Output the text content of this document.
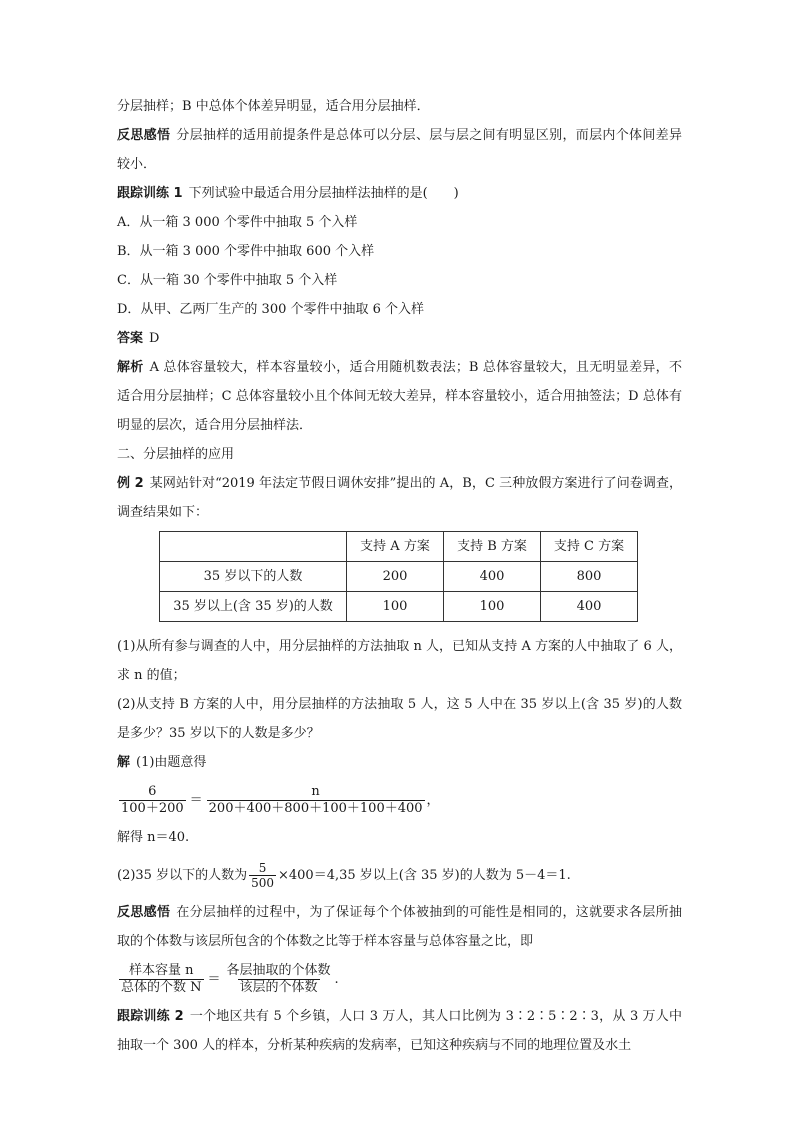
分层抽样；B 中总体个体差异明显，适合用分层抽样．
反思感悟 分层抽样的适用前提条件是总体可以分层、层与层之间有明显区别，而层内个体间差异较小．
跟踪训练 1 下列试验中最适合用分层抽样法抽样的是(　　)
A．从一箱 3 000 个零件中抽取 5 个入样
B．从一箱 3 000 个零件中抽取 600 个入样
C．从一箱 30 个零件中抽取 5 个入样
D．从甲、乙两厂生产的 300 个零件中抽取 6 个入样
答案 D
解析 A 总体容量较大，样本容量较小，适合用随机数表法；B 总体容量较大，且无明显差异，不适合用分层抽样；C 总体容量较小且个体间无较大差异，样本容量较小，适合用抽签法；D 总体有明显的层次，适合用分层抽样法．
二、分层抽样的应用
例 2 某网站针对“2019 年法定节假日调休安排”提出的 A，B，C 三种放假方案进行了问卷调查，调查结果如下：
	支持 A 方案	支持 B 方案	支持 C 方案
35 岁以下的人数	200	400	800
35 岁以上(含 35 岁)的人数	100	100	400
(1)从所有参与调查的人中，用分层抽样的方法抽取 n 人，已知从支持 A 方案的人中抽取了 6 人，求 n 的值；
(2)从支持 B 方案的人中，用分层抽样的方法抽取 5 人，这 5 人中在 35 岁以上(含 35 岁)的人数是多少？35 岁以下的人数是多少？
解 (1)由题意得
$\frac{6}{100+200} = \frac{n}{200+400+800+100+100+400}$ ，
解得 n＝40.
(2)35 岁以下的人数为 $\frac{5}{500} \times 400=4,35$ 岁以上(含 35 岁)的人数为 5－4＝1.
反思感悟 在分层抽样的过程中，为了保证每个个体被抽到的可能性是相同的，这就要求各层所抽取的个体数与该层所包含的个体数之比等于样本容量与总体容量之比，即
$\frac{\text{样本容量 n}}{\text{总体的个数 N}} = \frac{\text{各层抽取的个体数}}{\text{该层的个体数}}$ .
跟踪训练 2 一个地区共有 5 个乡镇，人口 3 万人，其人口比例为 3∶2∶5∶2∶3，从 3 万人中抽取一个 300 人的样本，分析某种疾病的发病率，已知这种疾病与不同的地理位置及水土
